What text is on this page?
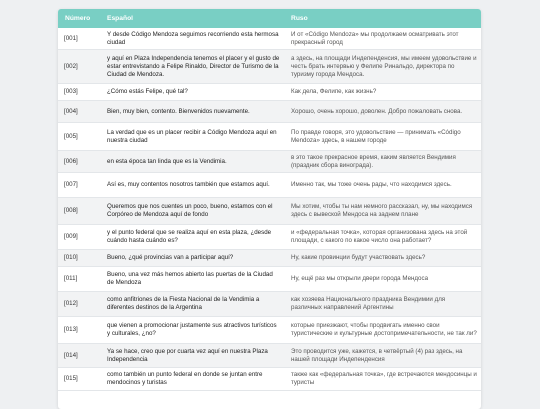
Número	Español	Ruso
[001]	Y desde Código Mendoza seguimos recorriendo esta hermosa ciudad	И от «Código Mendoza» мы продолжаем осматривать этот прекрасный город
[002]	y aquí en Plaza Independencia tenemos el placer y el gusto de estar entrevistando a Felipe Rinaldo, Director de Turismo de la Ciudad de Mendoza.	а здесь, на площади Индепенденсия, мы имеем удовольствие и честь брать интервью у Фелипе Ринальдо, директора по туризму города Мендоса.
[003]	¿Cómo estás Felipe, qué tal?	Как дела, Фелипе, как жизнь?
[004]	Bien, muy bien, contento. Bienvenidos nuevamente.	Хорошо, очень хорошо, доволен. Добро пожаловать снова.
[005]	La verdad que es un placer recibir a Código Mendoza aquí en nuestra ciudad	По правде говоря, это удовольствие — принимать «Código Mendoza» здесь, в нашем городе
[006]	en esta época tan linda que es la Vendimia.	в это такое прекрасное время, каким является Вендимия (праздник сбора винограда).
[007]	Así es, muy contentos nosotros también que estamos aquí.	Именно так, мы тоже очень рады, что находимся здесь.
[008]	Queremos que nos cuentes un poco, bueno, estamos con el Corpóreo de Mendoza aquí de fondo	Мы хотим, чтобы ты нам немного рассказал, ну, мы находимся здесь с вывеской Мендоса на заднем плане
[009]	y el punto federal que se realiza aquí en esta plaza, ¿desde cuándo hasta cuándo es?	и «федеральная точка», которая организована здесь на этой площади, с какого по какое число она работает?
[010]	Bueno, ¿qué provincias van a participar aquí?	Ну, какие провинции будут участвовать здесь?
[011]	Bueno, una vez más hemos abierto las puertas de la Ciudad de Mendoza	Ну, ещё раз мы открыли двери города Мендоса
[012]	como anfitriones de la Fiesta Nacional de la Vendimia a diferentes destinos de la Argentina	как хозяева Национального праздника Вендимии для различных направлений Аргентины
[013]	que vienen a promocionar justamente sus atractivos turísticos y culturales, ¿no?	которые приезжают, чтобы продвигать именно свои туристические и культурные достопримечательности, не так ли?
[014]	Ya se hace, creo que por cuarta vez aquí en nuestra Plaza Independencia	Это проводится уже, кажется, в четвёртый (4) раз здесь, на нашей площади Индепенденсия
[015]	como también un punto federal en donde se juntan entre mendocinos y turistas	также как «федеральная точка», где встречаются мендосинцы и туристы
